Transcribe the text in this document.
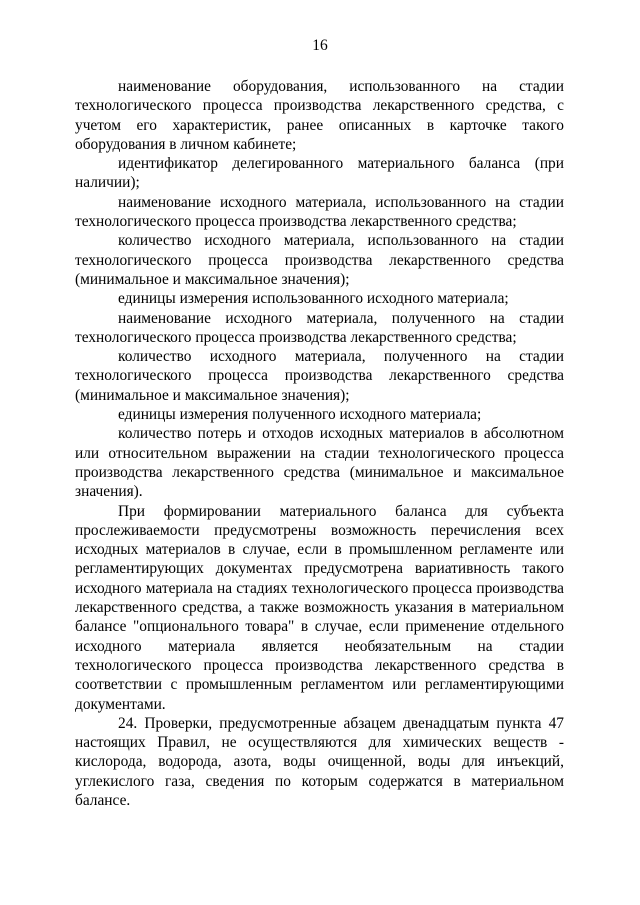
16

наименование оборудования, использованного на стадии технологического процесса производства лекарственного средства, с учетом его характеристик, ранее описанных в карточке такого оборудования в личном кабинете;

идентификатор делегированного материального баланса (при наличии);

наименование исходного материала, использованного на стадии технологического процесса производства лекарственного средства;

количество исходного материала, использованного на стадии технологического процесса производства лекарственного средства (минимальное и максимальное значения);

единицы измерения использованного исходного материала;

наименование исходного материала, полученного на стадии технологического процесса производства лекарственного средства;

количество исходного материала, полученного на стадии технологического процесса производства лекарственного средства (минимальное и максимальное значения);

единицы измерения полученного исходного материала;

количество потерь и отходов исходных материалов в абсолютном или относительном выражении на стадии технологического процесса производства лекарственного средства (минимальное и максимальное значения).

При формировании материального баланса для субъекта прослеживаемости предусмотрены возможность перечисления всех исходных материалов в случае, если в промышленном регламенте или регламентирующих документах предусмотрена вариативность такого исходного материала на стадиях технологического процесса производства лекарственного средства, а также возможность указания в материальном балансе "опционального товара" в случае, если применение отдельного исходного материала является необязательным на стадии технологического процесса производства лекарственного средства в соответствии с промышленным регламентом или регламентирующими документами.

24. Проверки, предусмотренные абзацем двенадцатым пункта 47 настоящих Правил, не осуществляются для химических веществ - кислорода, водорода, азота, воды очищенной, воды для инъекций, углекислого газа, сведения по которым содержатся в материальном балансе.
